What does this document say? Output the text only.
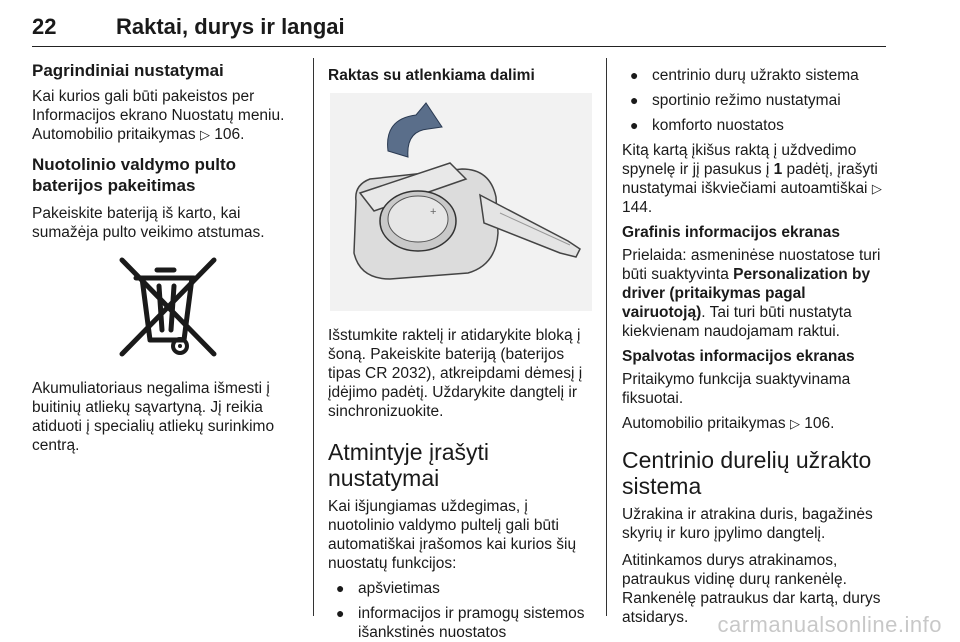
22	Raktai, durys ir langai
Pagrindiniai nustatymai

Kai kurios gali būti pakeistos per Informacijos ekrano Nuostatų meniu. Automobilio pritaikymas ▷ 106.

Nuotolinio valdymo pulto baterijos pakeitimas

Pakeiskite bateriją iš karto, kai sumažėja pulto veikimo atstumas.

Akumuliatoriaus negalima išmesti į buitinių atliekų sąvartyną. Jį reikia atiduoti į specialių atliekų surinkimo centrą.

Raktas su atlenkiama dalimi
+

Išstumkite raktelį ir atidarykite bloką į šoną. Pakeiskite bateriją (baterijos tipas CR 2032), atkreipdami dėmesį į įdėjimo padėtį. Uždarykite dangtelį ir sinchronizuokite.

Atmintyje įrašyti nustatymai

Kai išjungiamas uždegimas, į nuotolinio valdymo pultelį gali būti automatiškai įrašomos kai kurios šių nuostatų funkcijos:

● apšvietimas
● informacijos ir pramogų sistemos išankstinės nuostatos
● centrinio durų užrakto sistema
● sportinio režimo nustatymai
● komforto nuostatos

Kitą kartą įkišus raktą į uždvedimo spynelę ir jį pasukus į 1 padėtį, įrašyti nustatymai iškviečiami autoamtiškai ▷ 144.

Grafinis informacijos ekranas

Prielaida: asmeninėse nuostatose turi būti suaktyvinta Personalization by driver (pritaikymas pagal vairuotoją). Tai turi būti nustatyta kiekvienam naudojamam raktui.

Spalvotas informacijos ekranas

Pritaikymo funkcija suaktyvinama fiksuotai.

Automobilio pritaikymas ▷ 106.

Centrinio durelių užrakto sistema

Užrakina ir atrakina duris, bagažinės skyrių ir kuro įpylimo dangtelį.

Atitinkamos durys atrakinamos, patraukus vidinę durų rankenėlę. Rankenėlę patraukus dar kartą, durys atsidarys.	carmanualsonline.info
